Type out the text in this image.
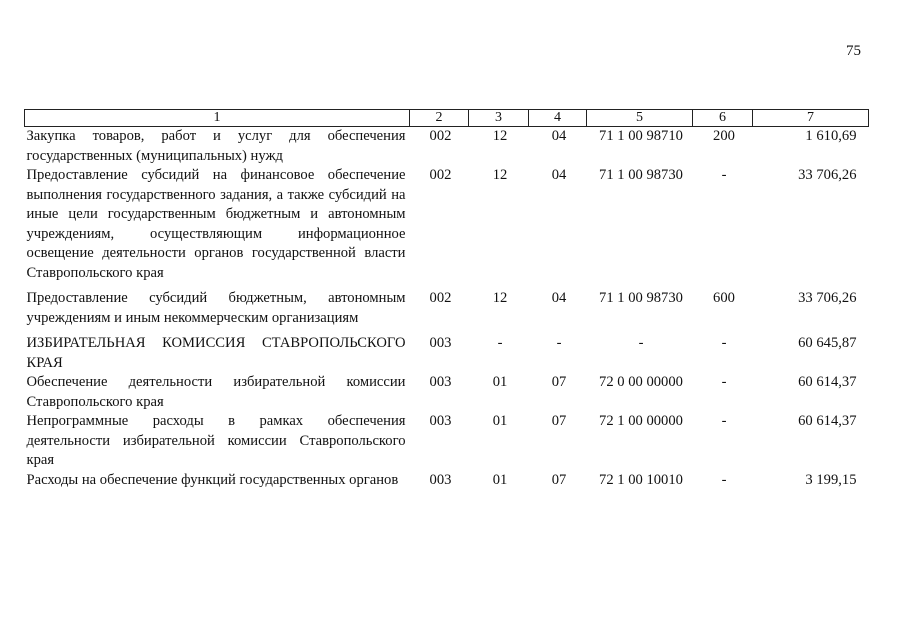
75
1	2	3	4	5	6	7
Закупка товаров, работ и услуг для обеспечения государственных (муниципальных) нужд	002	12	04	71 1 00 98710	200	1 610,69
Предоставление субсидий на финансовое обеспечение выполнения государственного задания, а также субсидий на иные цели государственным бюджетным и автономным учреждениям, осуществляющим информационное освещение деятельности органов государственной власти Ставропольского края	002	12	04	71 1 00 98730	-	33 706,26
Предоставление субсидий бюджетным, автономным учреждениям и иным некоммерческим организациям	002	12	04	71 1 00 98730	600	33 706,26
ИЗБИРАТЕЛЬНАЯ КОМИССИЯ СТАВРОПОЛЬСКОГО КРАЯ	003	-	-	-	-	60 645,87
Обеспечение деятельности избирательной комиссии Ставропольского края	003	01	07	72 0 00 00000	-	60 614,37
Непрограммные расходы в рамках обеспечения деятельности избирательной комиссии Ставропольского края	003	01	07	72 1 00 00000	-	60 614,37
Расходы на обеспечение функций государственных органов	003	01	07	72 1 00 10010	-	3 199,15
